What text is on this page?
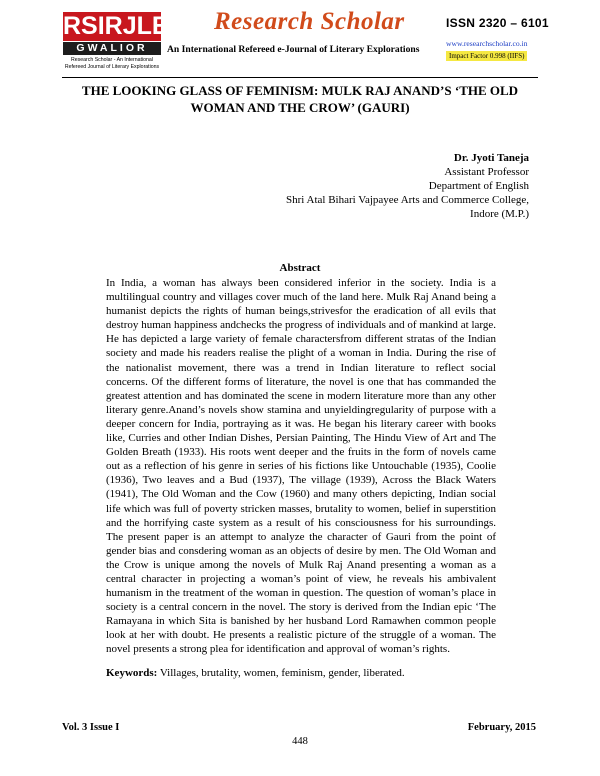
RSIRJLE
GWALIOR
Research Scholar - An International Refereed Journal of Literary Explorations
Research Scholar
An International Refereed e-Journal of Literary Explorations
ISSN 2320 – 6101
www.researchscholar.co.in
Impact Factor 0.998 (IIFS)
THE LOOKING GLASS OF FEMINISM: MULK RAJ ANAND’S ‘THE OLD WOMAN AND THE CROW’ (GAURI)
Dr. Jyoti Taneja
Assistant Professor
Department of English
Shri Atal Bihari Vajpayee Arts and Commerce College,
Indore (M.P.)
Abstract

In India, a woman has always been considered inferior in the society. India is a multilingual country and villages cover much of the land here. Mulk Raj Anand being a humanist depicts the rights of human beings,strivesfor the eradication of all evils that destroy human happiness andchecks the progress of individuals and of mankind at large. He has depicted a large variety of female charactersfrom different stratas of the Indian society and made his readers realise the plight of a woman in India. During the rise of the nationalist movement, there was a trend in Indian literature to reflect social concerns. Of the different forms of literature, the novel is one that has commanded the greatest attention and has dominated the scene in modern literature more than any other literary genre.Anand’s novels show stamina and unyieldingregularity of purpose with a deeper concern for India, portraying as it was. He began his literary career with books like, Curries and other Indian Dishes, Persian Painting, The Hindu View of Art and The Golden Breath (1933). His roots went deeper and the fruits in the form of novels came out as a reflection of his genre in series of his fictions like Untouchable (1935), Coolie (1936), Two leaves and a Bud (1937), The village (1939), Across the Black Waters (1941), The Old Woman and the Cow (1960) and many others depicting, Indian social life which was full of poverty stricken masses, brutality to women, belief in superstition and the horrifying caste system as a result of his consciousness for his surroundings. The present paper is an attempt to analyze the character of Gauri from the point of gender bias and consdering woman as an objects of desire by men. The Old Woman and the Crow is unique among the novels of Mulk Raj Anand presenting a woman as a central character in projecting a woman’s point of view, he reveals his ambivalent humanism in the treatment of the woman in question. The question of woman’s place in society is a central concern in the novel. The story is derived from the Indian epic ‘The Ramayana in which Sita is banished by her husband Lord Ramawhen common people look at her with doubt. He presents a realistic picture of the struggle of a woman. The novel presents a strong plea for identification and approval of woman’s rights.

Keywords: Villages, brutality, women, feminism, gender, liberated.
Vol. 3 Issue I	February, 2015
448
